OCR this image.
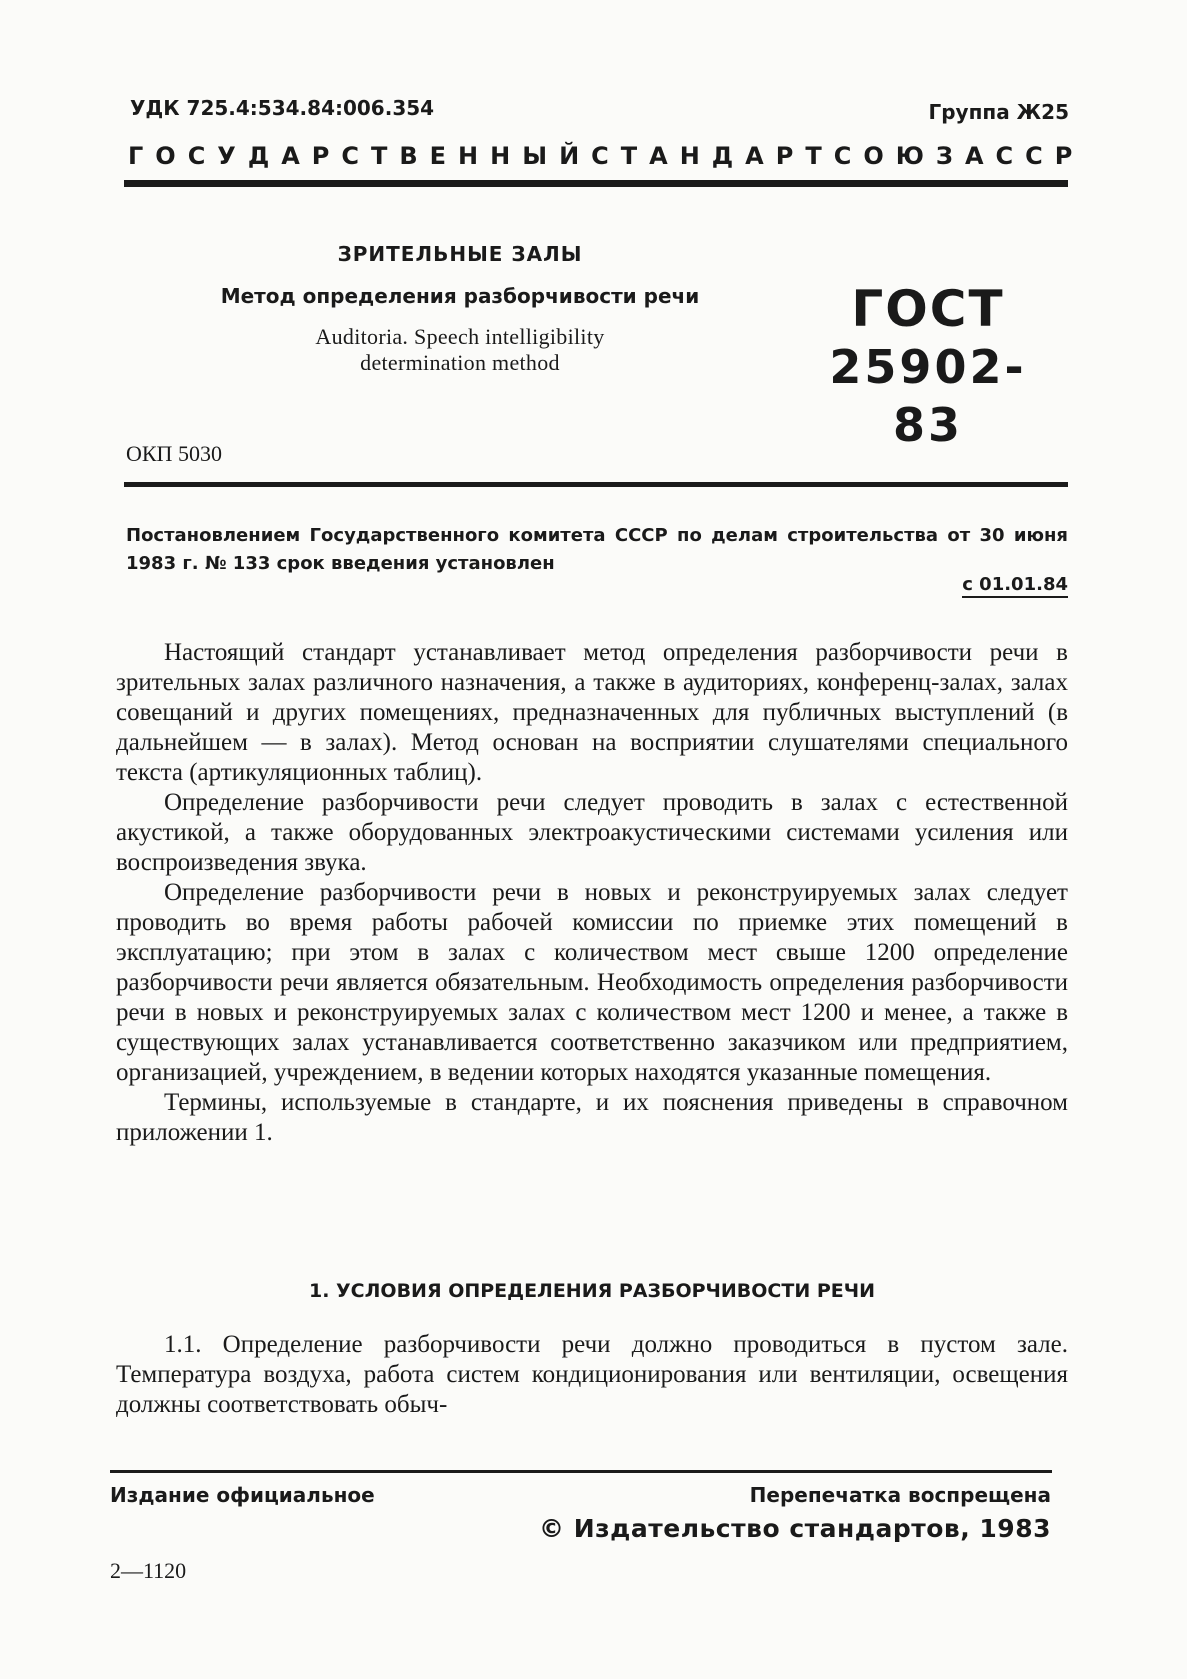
УДК 725.4:534.84:006.354	Группа Ж25
ГОСУДАРСТВЕННЫЙ СТАНДАРТ СОЮЗА ССР
ЗРИТЕЛЬНЫЕ ЗАЛЫ
Метод определения разборчивости речи
Auditoria. Speech intelligibility
determination method
ГОСТ
25902-83
ОКП 5030
Постановлением Государственного комитета СССР по делам строительства от 30 июня 1983 г. № 133 срок введения установлен
с 01.01.84

Настоящий стандарт устанавливает метод определения разборчивости речи в зрительных залах различного назначения, а также в аудиториях, конференц-залах, залах совещаний и других помещениях, предназначенных для публичных выступлений (в дальнейшем — в залах). Метод основан на восприятии слушателями специального текста (артикуляционных таблиц).

Определение разборчивости речи следует проводить в залах с естественной акустикой, а также оборудованных электроакустическими системами усиления или воспроизведения звука.

Определение разборчивости речи в новых и реконструируемых залах следует проводить во время работы рабочей комиссии по приемке этих помещений в эксплуатацию; при этом в залах с количеством мест свыше 1200 определение разборчивости речи является обязательным. Необходимость определения разборчивости речи в новых и реконструируемых залах с количеством мест 1200 и менее, а также в существующих залах устанавливается соответственно заказчиком или предприятием, организацией, учреждением, в ведении которых находятся указанные помещения.

Термины, используемые в стандарте, и их пояснения приведены в справочном приложении 1.

1. УСЛОВИЯ ОПРЕДЕЛЕНИЯ РАЗБОРЧИВОСТИ РЕЧИ

1.1. Определение разборчивости речи должно проводиться в пустом зале. Температура воздуха, работа систем кондиционирования или вентиляции, освещения должны соответствовать обыч-

Издание официальное	Перепечатка воспрещена
© Издательство стандартов, 1983
2—1120
